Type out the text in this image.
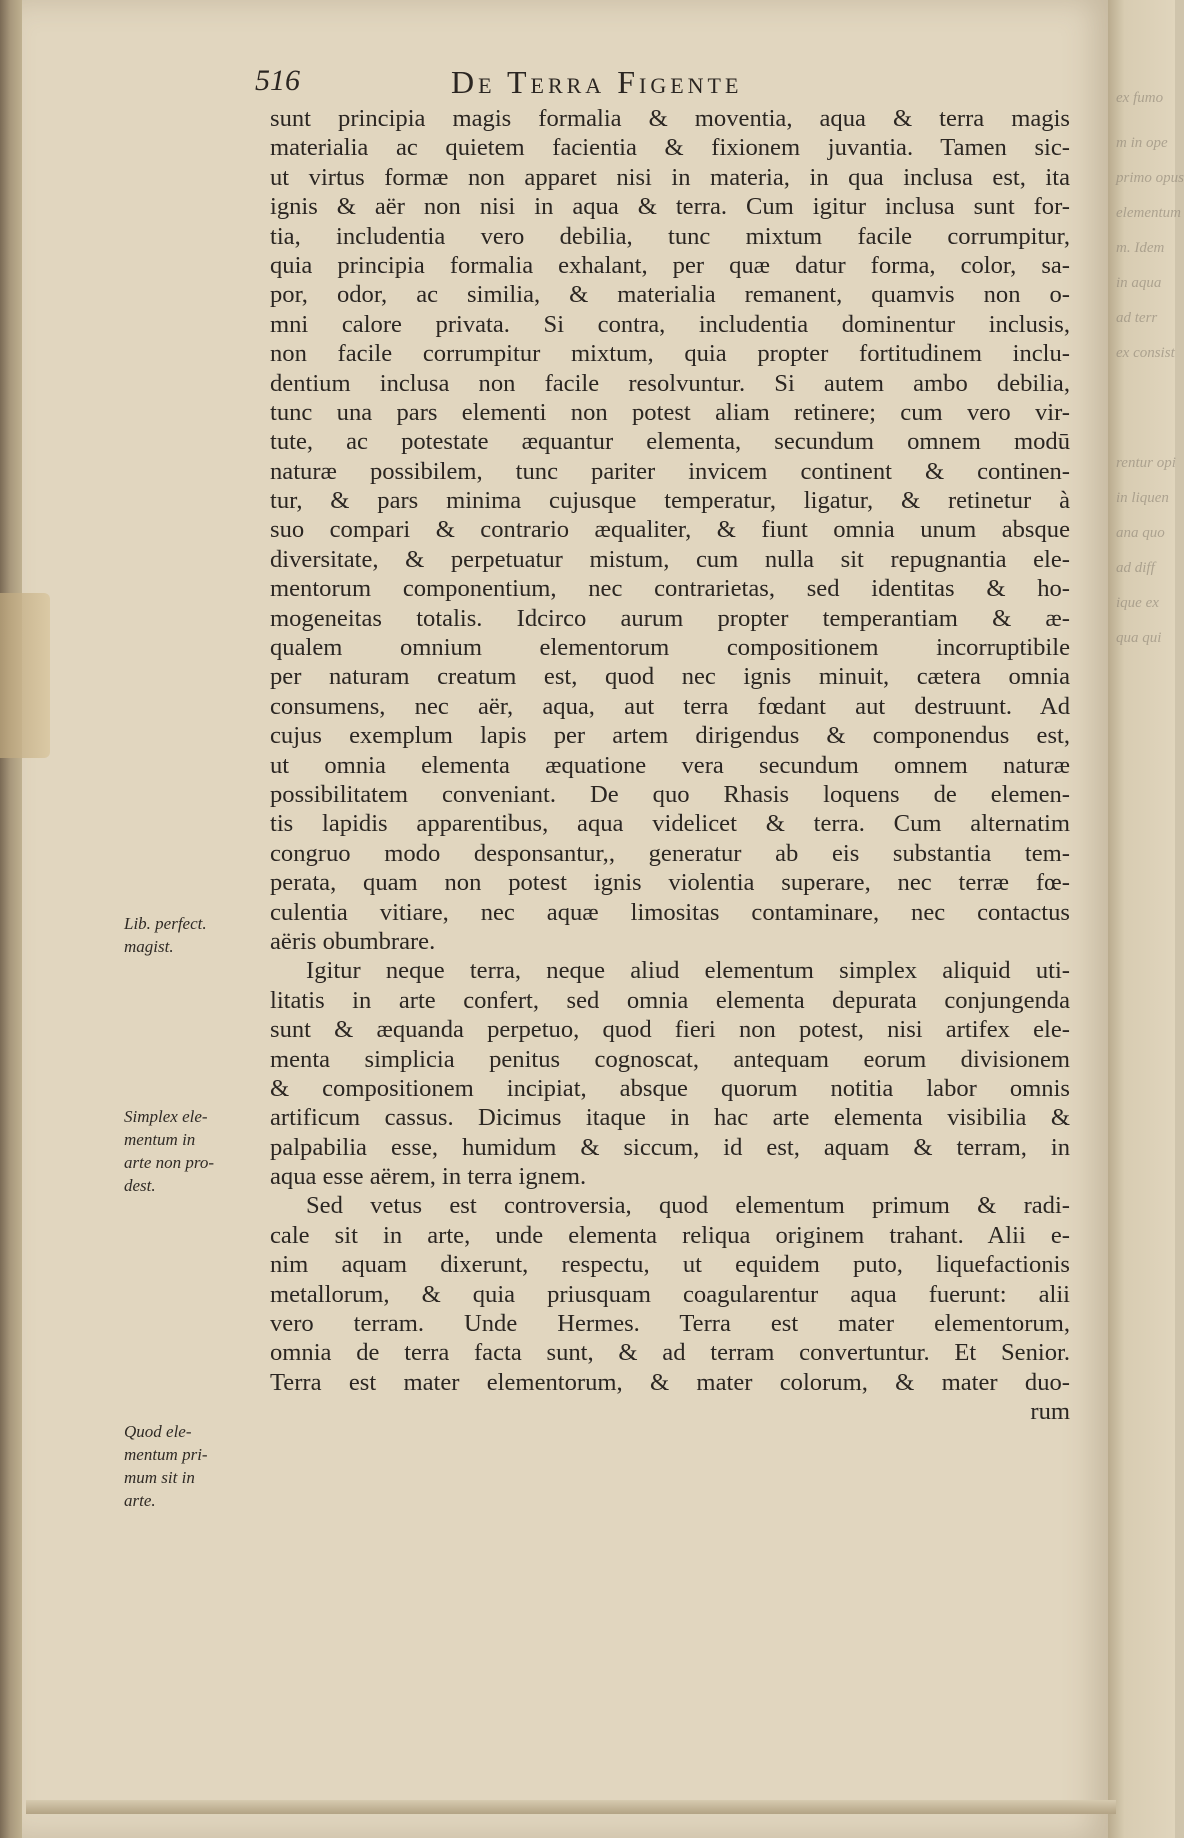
ex fumo
m in ope
primo opus
elementum
m. Idem
in aqua
ad terr
ex consist
rentur opi
in liquen
ana quo
ad diff
ique ex
qua qui
516	De Terra Figente
Lib. perfect.
magist.
Simplex ele-
mentum in
arte non pro-
dest.
Quod ele-
mentum pri-
mum sit in
arte.
sunt principia magis formalia & moventia, aqua & terra magis
materialia ac quietem facientia & fixionem juvantia. Tamen sic-
ut virtus formæ non apparet nisi in materia, in qua inclusa est, ita
ignis & aër non nisi in aqua & terra. Cum igitur inclusa sunt for-
tia, includentia vero debilia, tunc mixtum facile corrumpitur,
quia principia formalia exhalant, per quæ datur forma, color, sa-
por, odor, ac similia, & materialia remanent, quamvis non o-
mni calore privata. Si contra, includentia dominentur inclusis,
non facile corrumpitur mixtum, quia propter fortitudinem inclu-
dentium inclusa non facile resolvuntur. Si autem ambo debilia,
tunc una pars elementi non potest aliam retinere; cum vero vir-
tute, ac potestate æquantur elementa, secundum omnem modū
naturæ possibilem, tunc pariter invicem continent & continen-
tur, & pars minima cujusque temperatur, ligatur, & retinetur à
suo compari & contrario æqualiter, & fiunt omnia unum absque
diversitate, & perpetuatur mistum, cum nulla sit repugnantia ele-
mentorum componentium, nec contrarietas, sed identitas & ho-
mogeneitas totalis. Idcirco aurum propter temperantiam & æ-
qualem omnium elementorum compositionem incorruptibile
per naturam creatum est, quod nec ignis minuit, cætera omnia
consumens, nec aër, aqua, aut terra fœdant aut destruunt. Ad
cujus exemplum lapis per artem dirigendus & componendus est,
ut omnia elementa æquatione vera secundum omnem naturæ
possibilitatem conveniant. De quo Rhasis loquens de elemen-
tis lapidis apparentibus, aqua videlicet & terra. Cum alternatim
congruo modo desponsantur,, generatur ab eis substantia tem-
perata, quam non potest ignis violentia superare, nec terræ fœ-
culentia vitiare, nec aquæ limositas contaminare, nec contactus
aëris obumbrare.
Igitur neque terra, neque aliud elementum simplex aliquid uti-
litatis in arte confert, sed omnia elementa depurata conjungenda
sunt & æquanda perpetuo, quod fieri non potest, nisi artifex ele-
menta simplicia penitus cognoscat, antequam eorum divisionem
& compositionem incipiat, absque quorum notitia labor omnis
artificum cassus. Dicimus itaque in hac arte elementa visibilia &
palpabilia esse, humidum & siccum, id est, aquam & terram, in
aqua esse aërem, in terra ignem.
Sed vetus est controversia, quod elementum primum & radi-
cale sit in arte, unde elementa reliqua originem trahant. Alii e-
nim aquam dixerunt, respectu, ut equidem puto, liquefactionis
metallorum, & quia priusquam coagularentur aqua fuerunt: alii
vero terram. Unde Hermes. Terra est mater elementorum,
omnia de terra facta sunt, & ad terram convertuntur. Et Senior.
Terra est mater elementorum, & mater colorum, & mater duo-
rum
